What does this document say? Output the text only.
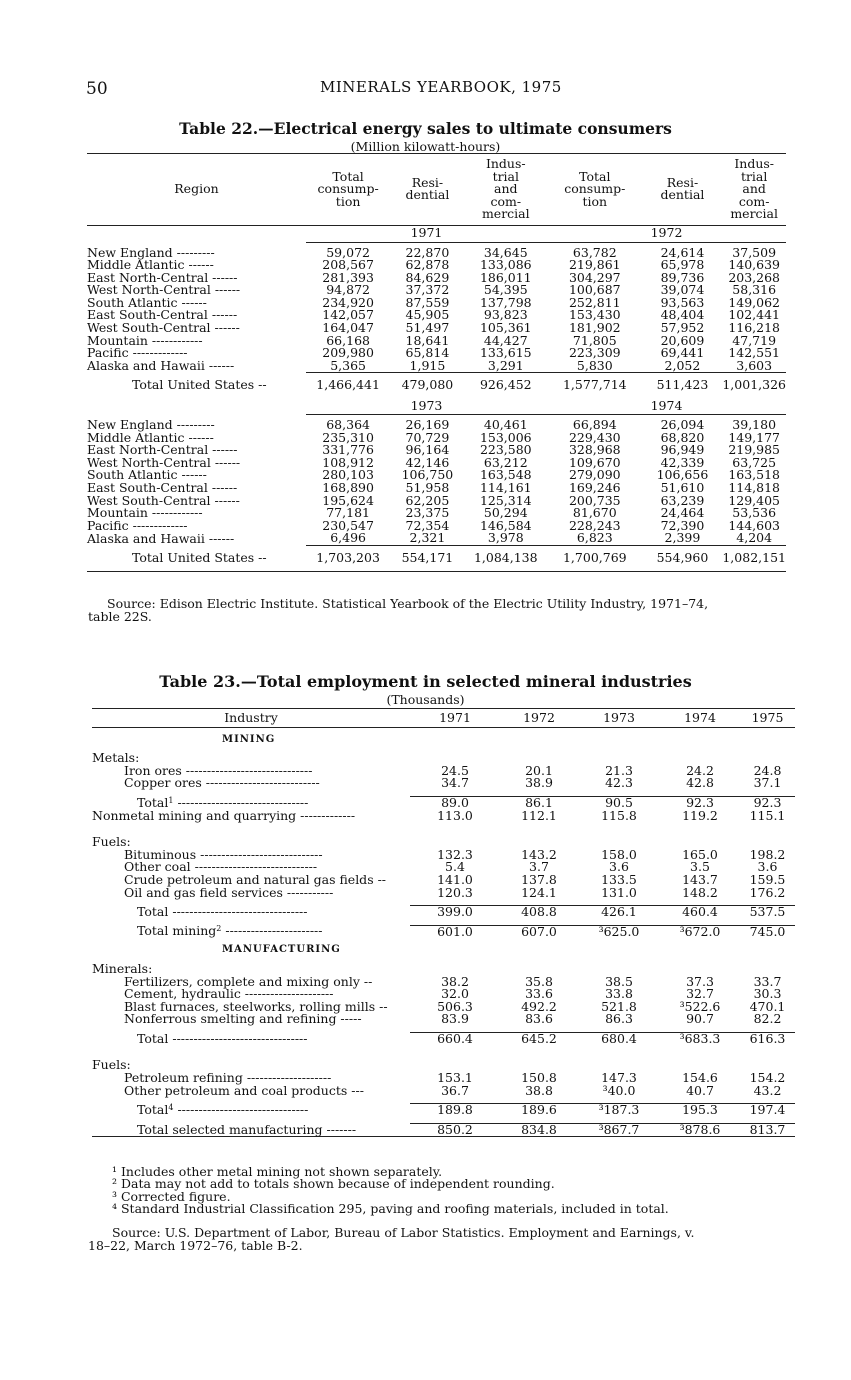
50	MINERALS YEARBOOK, 1975
Table 22.—Electrical energy sales to ultimate consumers
(Million kilowatt-hours)
Region	Total
consump-
tion	Resi-
dential	Indus-
trial
and
com-
mercial	Total
consump-
tion	Resi-
dential	Indus-
trial
and
com-
mercial
	1971			1972		

New England ---------	59,072	22,870	34,645	63,782	24,614	37,509
Middle Atlantic ------	208,567	62,878	133,086	219,861	65,978	140,639
East North-Central ------	281,393	84,629	186,011	304,297	89,736	203,268
West North-Central ------	94,872	37,372	54,395	100,687	39,074	58,316
South Atlantic ------	234,920	87,559	137,798	252,811	93,563	149,062
East South-Central ------	142,057	45,905	93,823	153,430	48,404	102,441
West South-Central ------	164,047	51,497	105,361	181,902	57,952	116,218
Mountain ------------	66,168	18,641	44,427	71,805	20,609	47,719
Pacific -------------	209,980	65,814	133,615	223,309	69,441	142,551
Alaska and Hawaii ------	5,365	1,915	3,291	5,830	2,052	3,603
Total United States --	1,466,441	479,080	926,452	1,577,714	511,423	1,001,326
	1973			1974		

New England ---------	68,364	26,169	40,461	66,894	26,094	39,180
Middle Atlantic ------	235,310	70,729	153,006	229,430	68,820	149,177
East North-Central ------	331,776	96,164	223,580	328,968	96,949	219,985
West North-Central ------	108,912	42,146	63,212	109,670	42,339	63,725
South Atlantic ------	280,103	106,750	163,548	279,090	106,656	163,518
East South-Central ------	168,890	51,958	114,161	169,246	51,610	114,818
West South-Central ------	195,624	62,205	125,314	200,735	63,239	129,405
Mountain ------------	77,181	23,375	50,294	81,670	24,464	53,536
Pacific -------------	230,547	72,354	146,584	228,243	72,390	144,603
Alaska and Hawaii ------	6,496	2,321	3,978	6,823	2,399	4,204
Total United States --	1,703,203	554,171	1,084,138	1,700,769	554,960	1,082,151
Source: Edison Electric Institute. Statistical Yearbook of the Electric Utility Industry, 1971–74,
table 22S.
Table 23.—Total employment in selected mineral industries
(Thousands)
Industry	1971	1972	1973	1974	1975
MINING					
Metals:					
Iron ores ------------------------------	24.5	20.1	21.3	24.2	24.8
Copper ores ---------------------------	34.7	38.9	42.3	42.8	37.1

Total$^1$ -------------------------------	89.0	86.1	90.5	92.3	92.3
Nonmetal mining and quarrying -------------	113.0	112.1	115.8	119.2	115.1

Fuels:					
Bituminous -----------------------------	132.3	143.2	158.0	165.0	198.2
Other coal -----------------------------	5.4	3.7	3.6	3.5	3.6
Crude petroleum and natural gas fields --	141.0	137.8	133.5	143.7	159.5
Oil and gas field services -----------	120.3	124.1	131.0	148.2	176.2

Total --------------------------------	399.0	408.8	426.1	460.4	537.5

Total mining$^2$ -----------------------	601.0	607.0	³625.0	³672.0	745.0
MANUFACTURING					
Minerals:					
Fertilizers, complete and mixing only --	38.2	35.8	38.5	37.3	33.7
Cement, hydraulic ---------------------	32.0	33.6	33.8	32.7	30.3
Blast furnaces, steelworks, rolling mills --	506.3	492.2	521.8	³522.6	470.1
Nonferrous smelting and refining -----	83.9	83.6	86.3	90.7	82.2

Total --------------------------------	660.4	645.2	680.4	³683.3	616.3

Fuels:					
Petroleum refining --------------------	153.1	150.8	147.3	154.6	154.2
Other petroleum and coal products ---	36.7	38.8	³40.0	40.7	43.2

Total$^4$ -------------------------------	189.8	189.6	³187.3	195.3	197.4

Total selected manufacturing -------	850.2	834.8	³867.7	³878.6	813.7
¹ Includes other metal mining not shown separately.
² Data may not add to totals shown because of independent rounding.
³ Corrected figure.
⁴ Standard Industrial Classification 295, paving and roofing materials, included in total.
Source: U.S. Department of Labor, Bureau of Labor Statistics. Employment and Earnings, v.
18–22, March 1972–76, table B-2.
